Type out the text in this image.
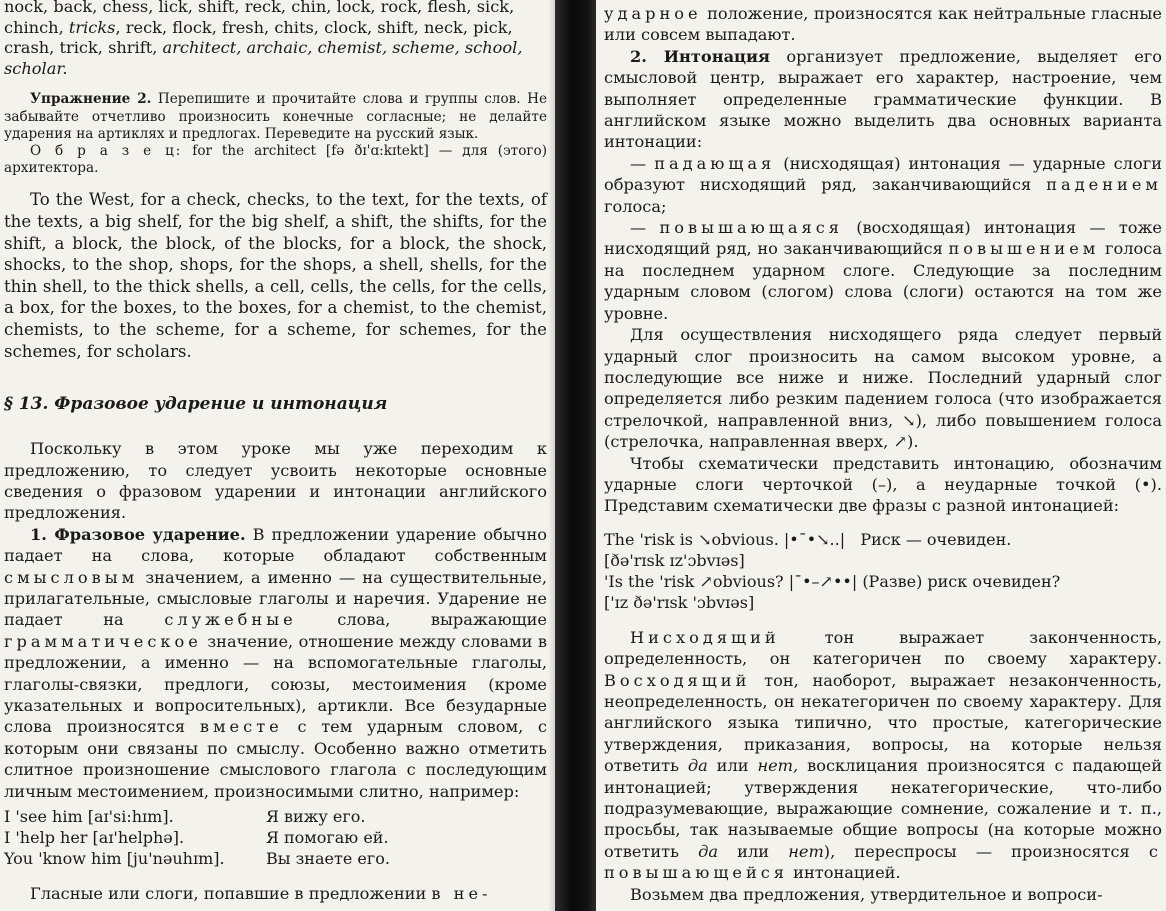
nock, back, chess, lick, shift, reck, chin, lock, rock, flesh, sick,
chinch, tricks, reck, flock, fresh, chits, clock, shift, neck, pick,
crash, trick, shrift, architect, archaic, chemist, scheme, school,
scholar.

Упражнение 2. Перепишите и прочитайте слова и группы слов. Не забывайте отчетливо произносить конечные согласные; не делайте ударения на артиклях и предлогах. Переведите на русский язык.

О б р а з е ц: for the architect [fə ðɪ'ɑ:kɪtekt] — для (этого) архитектора.

To the West, for a check, checks, to the text, for the texts, of the texts, a big shelf, for the big shelf, a shift, the shifts, for the shift, a block, the block, of the blocks, for a block, the shock, shocks, to the shop, shops, for the shops, a shell, shells, for the thin shell, to the thick shells, a cell, cells, the cells, for the cells, a box, for the boxes, to the boxes, for a chemist, to the chemist, chemists, to the scheme, for a scheme, for schemes, for the schemes, for scholars.

§ 13. Фразовое ударение и интонация

Поскольку в этом уроке мы уже переходим к предложению, то следует усвоить некоторые основные сведения о фразовом ударении и интонации английского предложения.

1. Фразовое ударение. В предложении ударение обычно падает на слова, которые обладают собственным смысловым значением, а именно — на существительные, прилагательные, смысловые глаголы и наречия. Ударение не падает на служебные слова, выражающие грамматическое значение, отношение между словами в предложении, а именно — на вспомогательные глаголы, глаголы-связки, предлоги, союзы, местоимения (кроме указательных и вопросительных), артикли. Все безударные слова произносятся вместе с тем ударным словом, с которым они связаны по смыслу. Особенно важно отметить слитное произношение смыслового глагола с последующим личным местоимением, произносимыми слитно, например:

I 'see him [aɪ'si:hɪm].	Я вижу его.
I 'help her [aɪ'helphə].	Я помогаю ей.
You 'know him [ju'nəuhɪm].	Вы знаете его.

Гласные или слоги, попавшие в предложении в не-

ударное положение, произносятся как нейтральные гласные или совсем выпадают.

2. Интонация организует предложение, выделяет его смысловой центр, выражает его характер, настроение, чем выполняет определенные грамматические функции. В английском языке можно выделить два основных варианта интонации:

— падающая (нисходящая) интонация — ударные слоги образуют нисходящий ряд, заканчивающийся падением голоса;

— повышающаяся (восходящая) интонация — тоже нисходящий ряд, но заканчивающийся повышением голоса на последнем ударном слоге. Следующие за последним ударным словом (слогом) слова (слоги) остаются на том же уровне.

Для осуществления нисходящего ряда следует первый ударный слог произносить на самом высоком уровне, а последующие все ниже и ниже. Последний ударный слог определяется либо резким падением голоса (что изображается стрелочкой, направленной вниз, ↘), либо повышением голоса (стрелочка, направленная вверх, ↗).

Чтобы схематически представить интонацию, обозначим ударные слоги черточкой (–), а неударные точкой (•). Представим схематически две фразы с разной интонацией:

The 'risk is ↘obvious. |•¯•↘..| Риск — очевиден.

[ðə'rɪsk ɪz'ɔbvɪəs]

'Is the 'risk ↗obvious? |¯•–↗••| (Разве) риск очевиден?

['ɪz ðə'rɪsk 'ɔbvɪəs]

Нисходящий тон выражает законченность, определенность, он категоричен по своему характеру. Восходящий тон, наоборот, выражает незаконченность, неопределенность, он некатегоричен по своему характеру. Для английского языка типично, что простые, категорические утверждения, приказания, вопросы, на которые нельзя ответить да или нет, восклицания произносятся с падающей интонацией; утверждения некатегорические, что-либо подразумевающие, выражающие сомнение, сожаление и т. п., просьбы, так называемые общие вопросы (на которые можно ответить да или нет), переспросы — произносятся с повышающейся интонацией.

Возьмем два предложения, утвердительное и вопроси-
